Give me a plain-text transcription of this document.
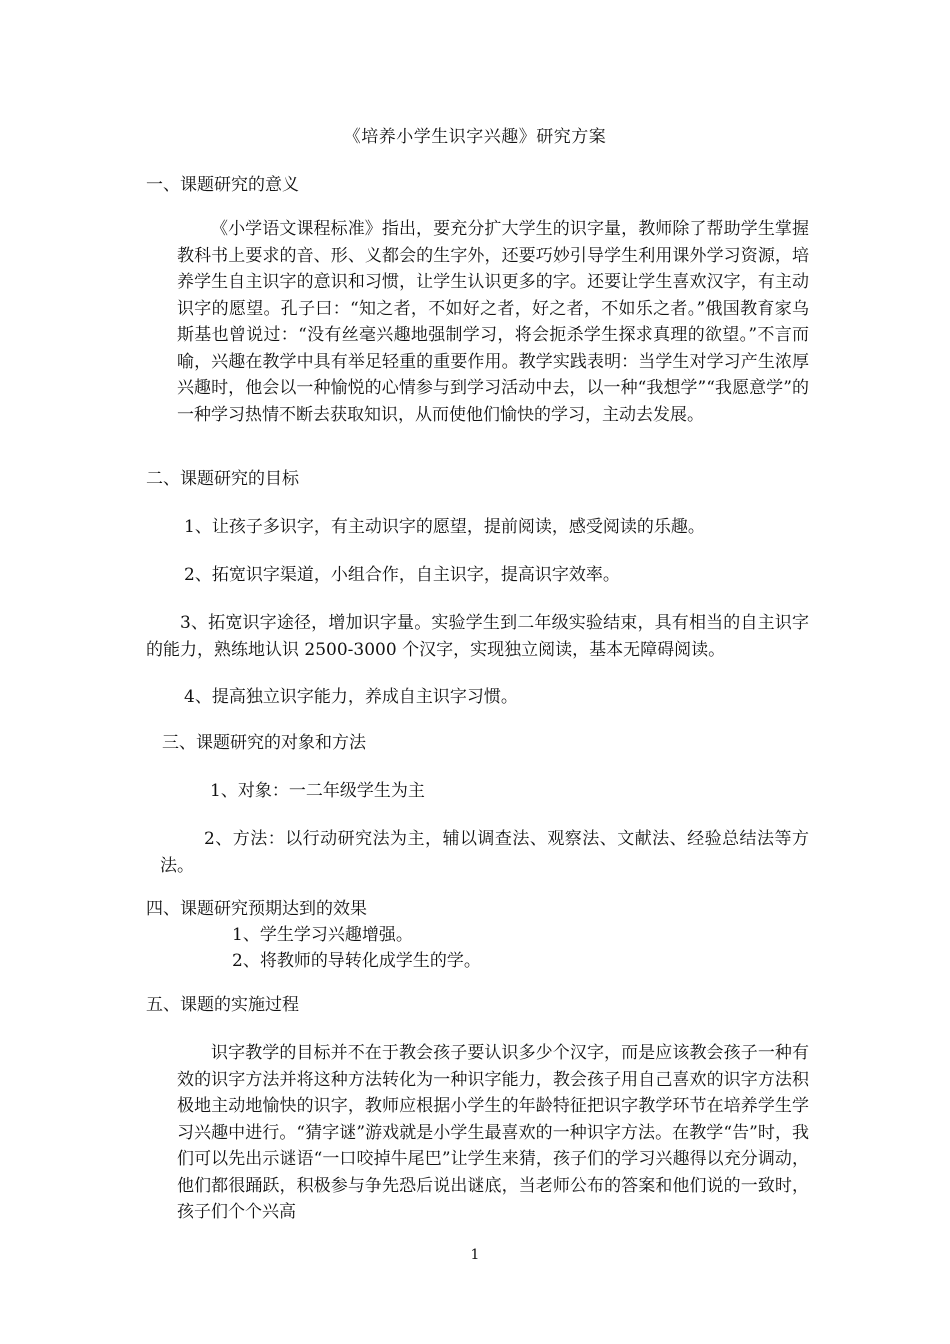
《培养小学生识字兴趣》研究方案
一、课题研究的意义
《小学语文课程标准》指出，要充分扩大学生的识字量，教师除了帮助学生掌握教科书上要求的音、形、义都会的生字外，还要巧妙引导学生利用课外学习资源，培养学生自主识字的意识和习惯，让学生认识更多的字。还要让学生喜欢汉字，有主动识字的愿望。孔子曰：“知之者，不如好之者，好之者，不如乐之者。”俄国教育家乌斯基也曾说过：“没有丝毫兴趣地强制学习，将会扼杀学生探求真理的欲望。”不言而喻，兴趣在教学中具有举足轻重的重要作用。教学实践表明：当学生对学习产生浓厚兴趣时，他会以一种愉悦的心情参与到学习活动中去，以一种“我想学”“我愿意学”的一种学习热情不断去获取知识，从而使他们愉快的学习，主动去发展。
二、课题研究的目标
1、让孩子多识字，有主动识字的愿望，提前阅读，感受阅读的乐趣。
2、拓宽识字渠道，小组合作，自主识字，提高识字效率。
3、拓宽识字途径，增加识字量。实验学生到二年级实验结束，具有相当的自主识字的能力，熟练地认识 2500-3000 个汉字，实现独立阅读，基本无障碍阅读。
4、提高独立识字能力，养成自主识字习惯。
三、课题研究的对象和方法
1、对象：一二年级学生为主
2、方法：以行动研究法为主，辅以调查法、观察法、文献法、经验总结法等方法。
四、课题研究预期达到的效果
1、学生学习兴趣增强。
2、将教师的导转化成学生的学。
五、课题的实施过程
识字教学的目标并不在于教会孩子要认识多少个汉字，而是应该教会孩子一种有效的识字方法并将这种方法转化为一种识字能力，教会孩子用自己喜欢的识字方法积极地主动地愉快的识字，教师应根据小学生的年龄特征把识字教学环节在培养学生学习兴趣中进行。“猜字谜”游戏就是小学生最喜欢的一种识字方法。在教学“告”时，我们可以先出示谜语“一口咬掉牛尾巴”让学生来猜，孩子们的学习兴趣得以充分调动，他们都很踊跃，积极参与争先恐后说出谜底，当老师公布的答案和他们说的一致时，孩子们个个兴高
1
